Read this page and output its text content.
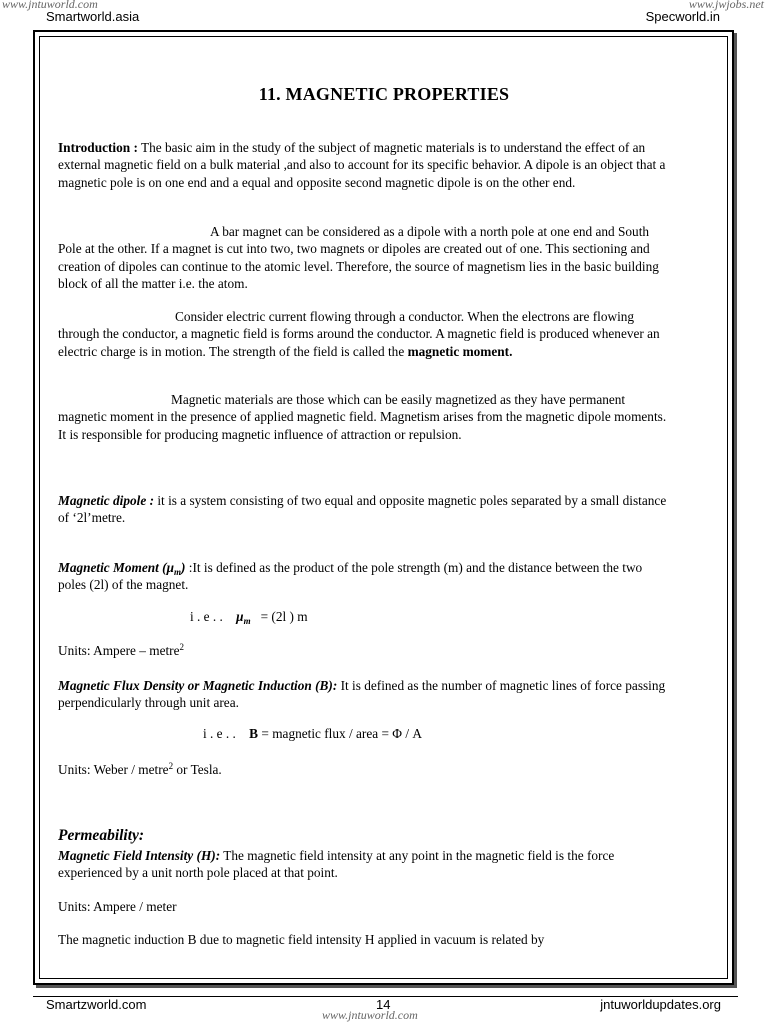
www.jntuworld.com	www.jwjobs.net
Smartworld.asia	Specworld.in
11. MAGNETIC PROPERTIES
Introduction : The basic aim in the study of the subject of magnetic materials is to understand the effect of an external magnetic field on a bulk material ,and also to account for its specific behavior. A dipole is an object that a magnetic pole is on one end and a equal and opposite second magnetic dipole is on the other end.
A bar magnet can be considered as a dipole with a north pole at one end and South Pole at the other. If a magnet is cut into two, two magnets or dipoles are created out of one. This sectioning and creation of dipoles can continue to the atomic level. Therefore, the source of magnetism lies in the basic building block of all the matter i.e. the atom.
Consider electric current flowing through a conductor. When the electrons are flowing through the conductor, a magnetic field is forms around the conductor. A magnetic field is produced whenever an electric charge is in motion. The strength of the field is called the magnetic moment.
Magnetic materials are those which can be easily magnetized as they have permanent magnetic moment in the presence of applied magnetic field. Magnetism arises from the magnetic dipole moments. It is responsible for producing magnetic influence of attraction or repulsion.
Magnetic dipole : it is a system consisting of two equal and opposite magnetic poles separated by a small distance of ‘2l’metre.
Magnetic Moment $(\mu_m)$ :It is defined as the product of the pole strength (m) and the distance between the two poles (2l) of the magnet.
i . e . . $\mu_m = (2l$ ) m
Units: Ampere – metre$^2$
Magnetic Flux Density or Magnetic Induction (B): It is defined as the number of magnetic lines of force passing perpendicularly through unit area.
i . e . . B = magnetic flux / area = Φ / A
Units: Weber / metre$^2$ or Tesla.
Permeability:
Magnetic Field Intensity (H): The magnetic field intensity at any point in the magnetic field is the force experienced by a unit north pole placed at that point.
Units: Ampere / meter
The magnetic induction B due to magnetic field intensity H applied in vacuum is related by
Smartzworld.com	14	jntuworldupdates.org
www.jntuworld.com
